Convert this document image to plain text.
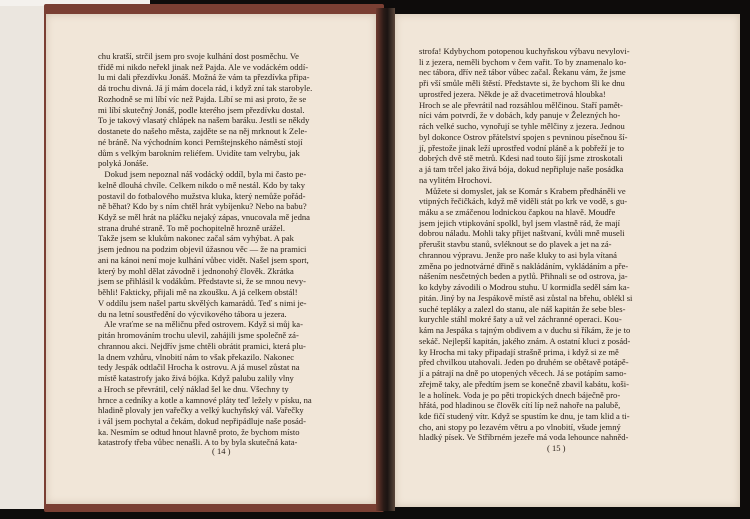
chu kratší, strčil jsem pro svoje kulhání dost posměchu. Ve
třídě mi nikdo neřekl jinak než Pajda. Ale ve vodáckém oddí-
lu mi dali přezdívku Jonáš. Možná že vám ta přezdívka připa-
dá trochu divná. Já jí mám docela rád, i když zní tak starobyle.
Rozhodně se mi líbí víc než Pajda. Líbí se mi asi proto, že se
mi líbí skutečný Jonáš, podle kterého jsem přezdívku dostal.
To je takový vlasatý chlápek na našem baráku. Jestli se někdy
dostanete do našeho města, zajděte se na něj mrknout k Zele-
né bráně. Na východním konci Pernštejnského náměstí stojí
dům s velkým barokním reliéfem. Uvidíte tam velrybu, jak
polyká Jonáše.
Dokud jsem nepoznal náš vodácký oddíl, byla mi často pe-
kelně dlouhá chvíle. Celkem nikdo o mě nestál. Kdo by taky
postavil do fotbalového mužstva kluka, který nemůže pořád-
ně běhat? Kdo by s ním chtěl hrát vybíjenku? Nebo na babu?
Když se měl hrát na pláčku nejaký zápas, vnucovala mě jedna
strana druhé straně. To mě pochopitelně hrozně urážel.
Takže jsem se klukům nakonec začal sám vyhýbat. A pak
jsem jednou na podzim objevil úžasnou věc — že na pramici
ani na kánoi není moje kulhání vůbec vidět. Našel jsem sport,
který by mohl dělat závodně i jednonohý člověk. Zkrátka
jsem se přihlásil k vodákům. Představte si, že se mnou nevy-
běhli! Fakticky, přijali mě na zkoušku. A já celkem obstál!
V oddílu jsem našel partu skvělých kamarádů. Teď s nimi je-
du na letní soustředění do výcvikového tábora u jezera.
Ale vraťme se na měličnu před ostrovem. Když si můj ka-
pitán hromováním trochu ulevil, zahájili jsme společně zá-
chrannou akci. Nejdřív jsme chtěli obrátit pramici, která plu-
la dnem vzhůru, vlnobití nám to však překazilo. Nakonec
tedy Jespák odtlačil Hrocha k ostrovu. A já musel zůstat na
místě katastrofy jako živá bójka. Když palubu zalily vlny
a Hroch se převrátil, celý náklad šel ke dnu. Všechny ty
hrnce a cedníky a kotle a kamnové pláty teď ležely v písku, na
hladině plovaly jen vařečky a velký kuchyňský vál. Vařečky
i vál jsem pochytal a čekám, dokud nepřipádluje naše posád-
ka. Nesmím se odtud hnout hlavně proto, že bychom místo
katastrofy třeba vůbec nenašli. A to by byla skutečná kata-
( 14 )
strofa! Kdybychom potopenou kuchyňskou výbavu nevylovi-
li z jezera, neměli bychom v čem vařit. To by znamenalo ko-
nec tábora, dřív než tábor vůbec začal. Řekanu vám, že jsme
při vší smůle měli štěstí. Představte si, že bychom šli ke dnu
uprostřed jezera. Někde je až dvacetimetrová hloubka!
Hroch se ale převrátil nad rozsáhlou mělčinou. Staří pamět-
níci vám potvrdí, že v dobách, kdy panuje v Železných ho-
rách velké sucho, vynořují se tyhle mělčiny z jezera. Jednou
byl dokonce Ostrov přátelství spojen s pevninou písečnou ší-
jí, přestože jinak leží uprostřed vodní pláně a k pobřeží je to
dobrých dvě stě metrů. Kdesi nad touto šíjí jsme ztroskotali
a já tam trčel jako živá bója, dokud nepřipluje naše posádka
na vylitém Hrochovi.
Můžete si domyslet, jak se Komár s Krabem předháněli ve
vtipných řečičkách, když mě viděli stát po krk ve vodě, s gu-
máku a se zmáčenou lodnickou čapkou na hlavě. Moudře
jsem jejich vtipkování spolkl, byl jsem vlastně rád, že mají
dobrou náladu. Mohli taky přijet naštvaní, kvůli mně museli
přerušit stavbu stanů, svléknout se do plavek a jet na zá-
chrannou výpravu. Jenže pro naše kluky to asi byla vítaná
změna po jednotvárné dřině s nakládáním, vykládáním a pře-
nášením nesčetných beden a pytlů. Přihnali se od ostrova, ja-
ko kdyby závodili o Modrou stuhu. U kormidla seděl sám ka-
pitán. Jiný by na Jespákově místě asi zůstal na břehu, oblékl si
suché teplákу a zalezl do stanu, ale náš kapitán že sebe bles-
kurychle stáhl mokré šaty a už vel záchranné operaci. Kou-
kám na Jespáka s tajným obdivem a v duchu si říkám, že je to
sekáč. Nejlepší kapitán, jakého znám. A ostatní kluci z posád-
ky Hrocha mi taky připadají strašně prima, i když si ze mě
před chvilkou utahovali. Jeden po druhém se obětavě potápě-
jí a pátrají na dně po utopených věcech. Já se potápím samo-
zřejmě taky, ale předtím jsem se konečně zbavil kabátu, koši-
le a holínek. Voda je po pěti tropických dnech báječně pro-
hřátá, pod hladinou se člověk cítí líp než nahoře na palubě,
kde fičí studený vítr. Když se spustím ke dnu, je tam klid a ti-
cho, ani stopy po lezavém větru a po vlnobití, všude jemný
hladký písek. Ve Stříbrném jezeře má voda lehounce nahněd-
( 15 )
